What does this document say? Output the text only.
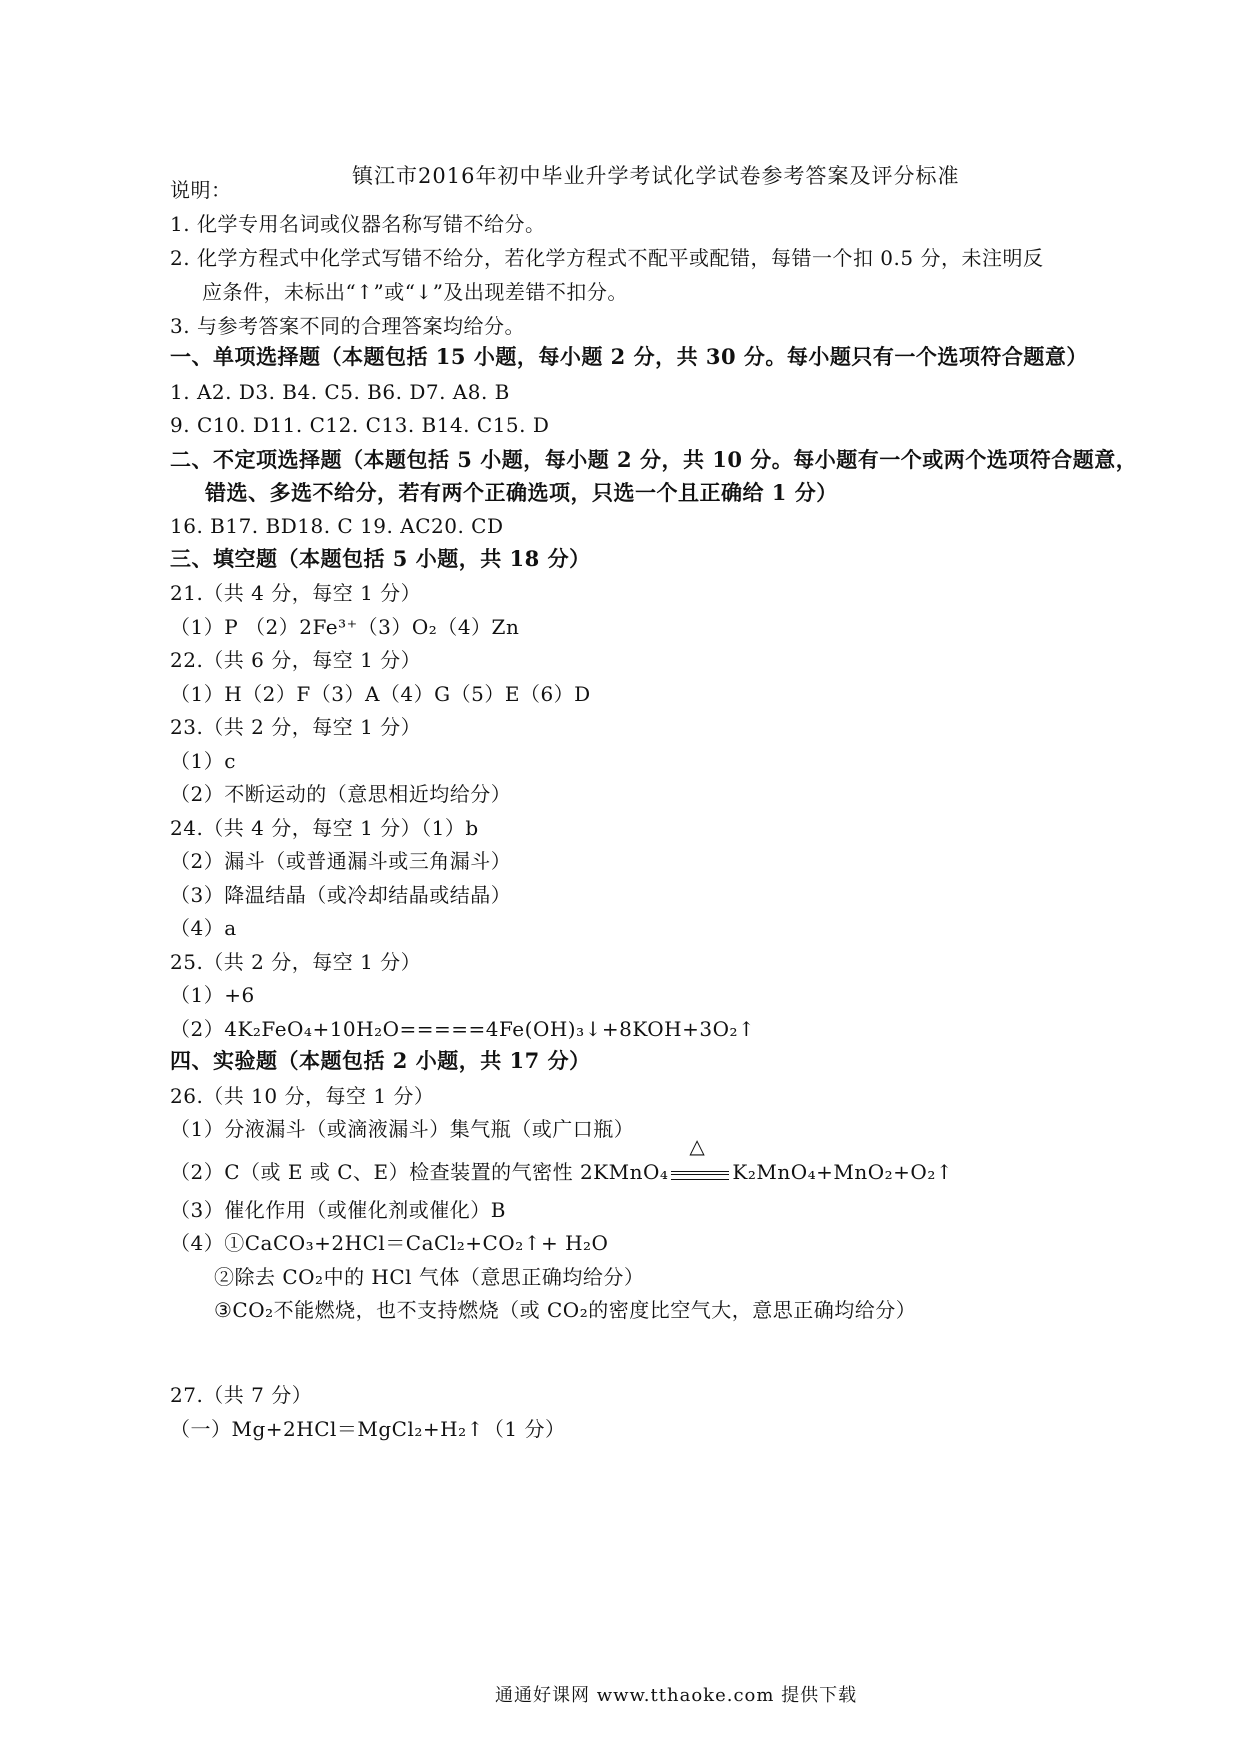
镇江市2016年初中毕业升学考试化学试卷参考答案及评分标准
说明：
1. 化学专用名词或仪器名称写错不给分。
2. 化学方程式中化学式写错不给分，若化学方程式不配平或配错，每错一个扣 0.5 分，未注明反
应条件，未标出“↑”或“↓”及出现差错不扣分。
3. 与参考答案不同的合理答案均给分。
一、单项选择题（本题包括 15 小题，每小题 2 分，共 30 分。每小题只有一个选项符合题意）
1. A2. D3. B4. C5. B6. D7. A8. B
9. C10. D11. C12. C13. B14. C15. D
二、不定项选择题（本题包括 5 小题，每小题 2 分，共 10 分。每小题有一个或两个选项符合题意，
错选、多选不给分，若有两个正确选项，只选一个且正确给 1 分）
16. B17. BD18. C 19. AC20. CD
三、填空题（本题包括 5 小题，共 18 分）
21.（共 4 分，每空 1 分）
（1）P （2）2Fe³⁺（3）O₂（4）Zn
22.（共 6 分，每空 1 分）
（1）H（2）F（3）A（4）G（5）E（6）D
23.（共 2 分，每空 1 分）
（1）c
（2）不断运动的（意思相近均给分）
24.（共 4 分，每空 1 分）（1）b
（2）漏斗（或普通漏斗或三角漏斗）
（3）降温结晶（或冷却结晶或结晶）
（4）a
25.（共 2 分，每空 1 分）
（1）+6
（2）4K₂FeO₄+10H₂O=====4Fe(OH)₃↓+8KOH+3O₂↑
四、实验题（本题包括 2 小题，共 17 分）
26.（共 10 分，每空 1 分）
（1）分液漏斗（或滴液漏斗）集气瓶（或广口瓶）
（2）C（或 E 或 C、E）检查装置的气密性 2KMnO₄
△
K₂MnO₄+MnO₂+O₂↑
（3）催化作用（或催化剂或催化）B
（4）①CaCO₃+2HCl＝CaCl₂+CO₂↑+ H₂O
②除去 CO₂中的 HCl 气体（意思正确均给分）
③CO₂不能燃烧，也不支持燃烧（或 CO₂的密度比空气大，意思正确均给分）
27.（共 7 分）
（一）Mg+2HCl＝MgCl₂+H₂↑（1 分）
通通好课网 www.tthaoke.com 提供下载
